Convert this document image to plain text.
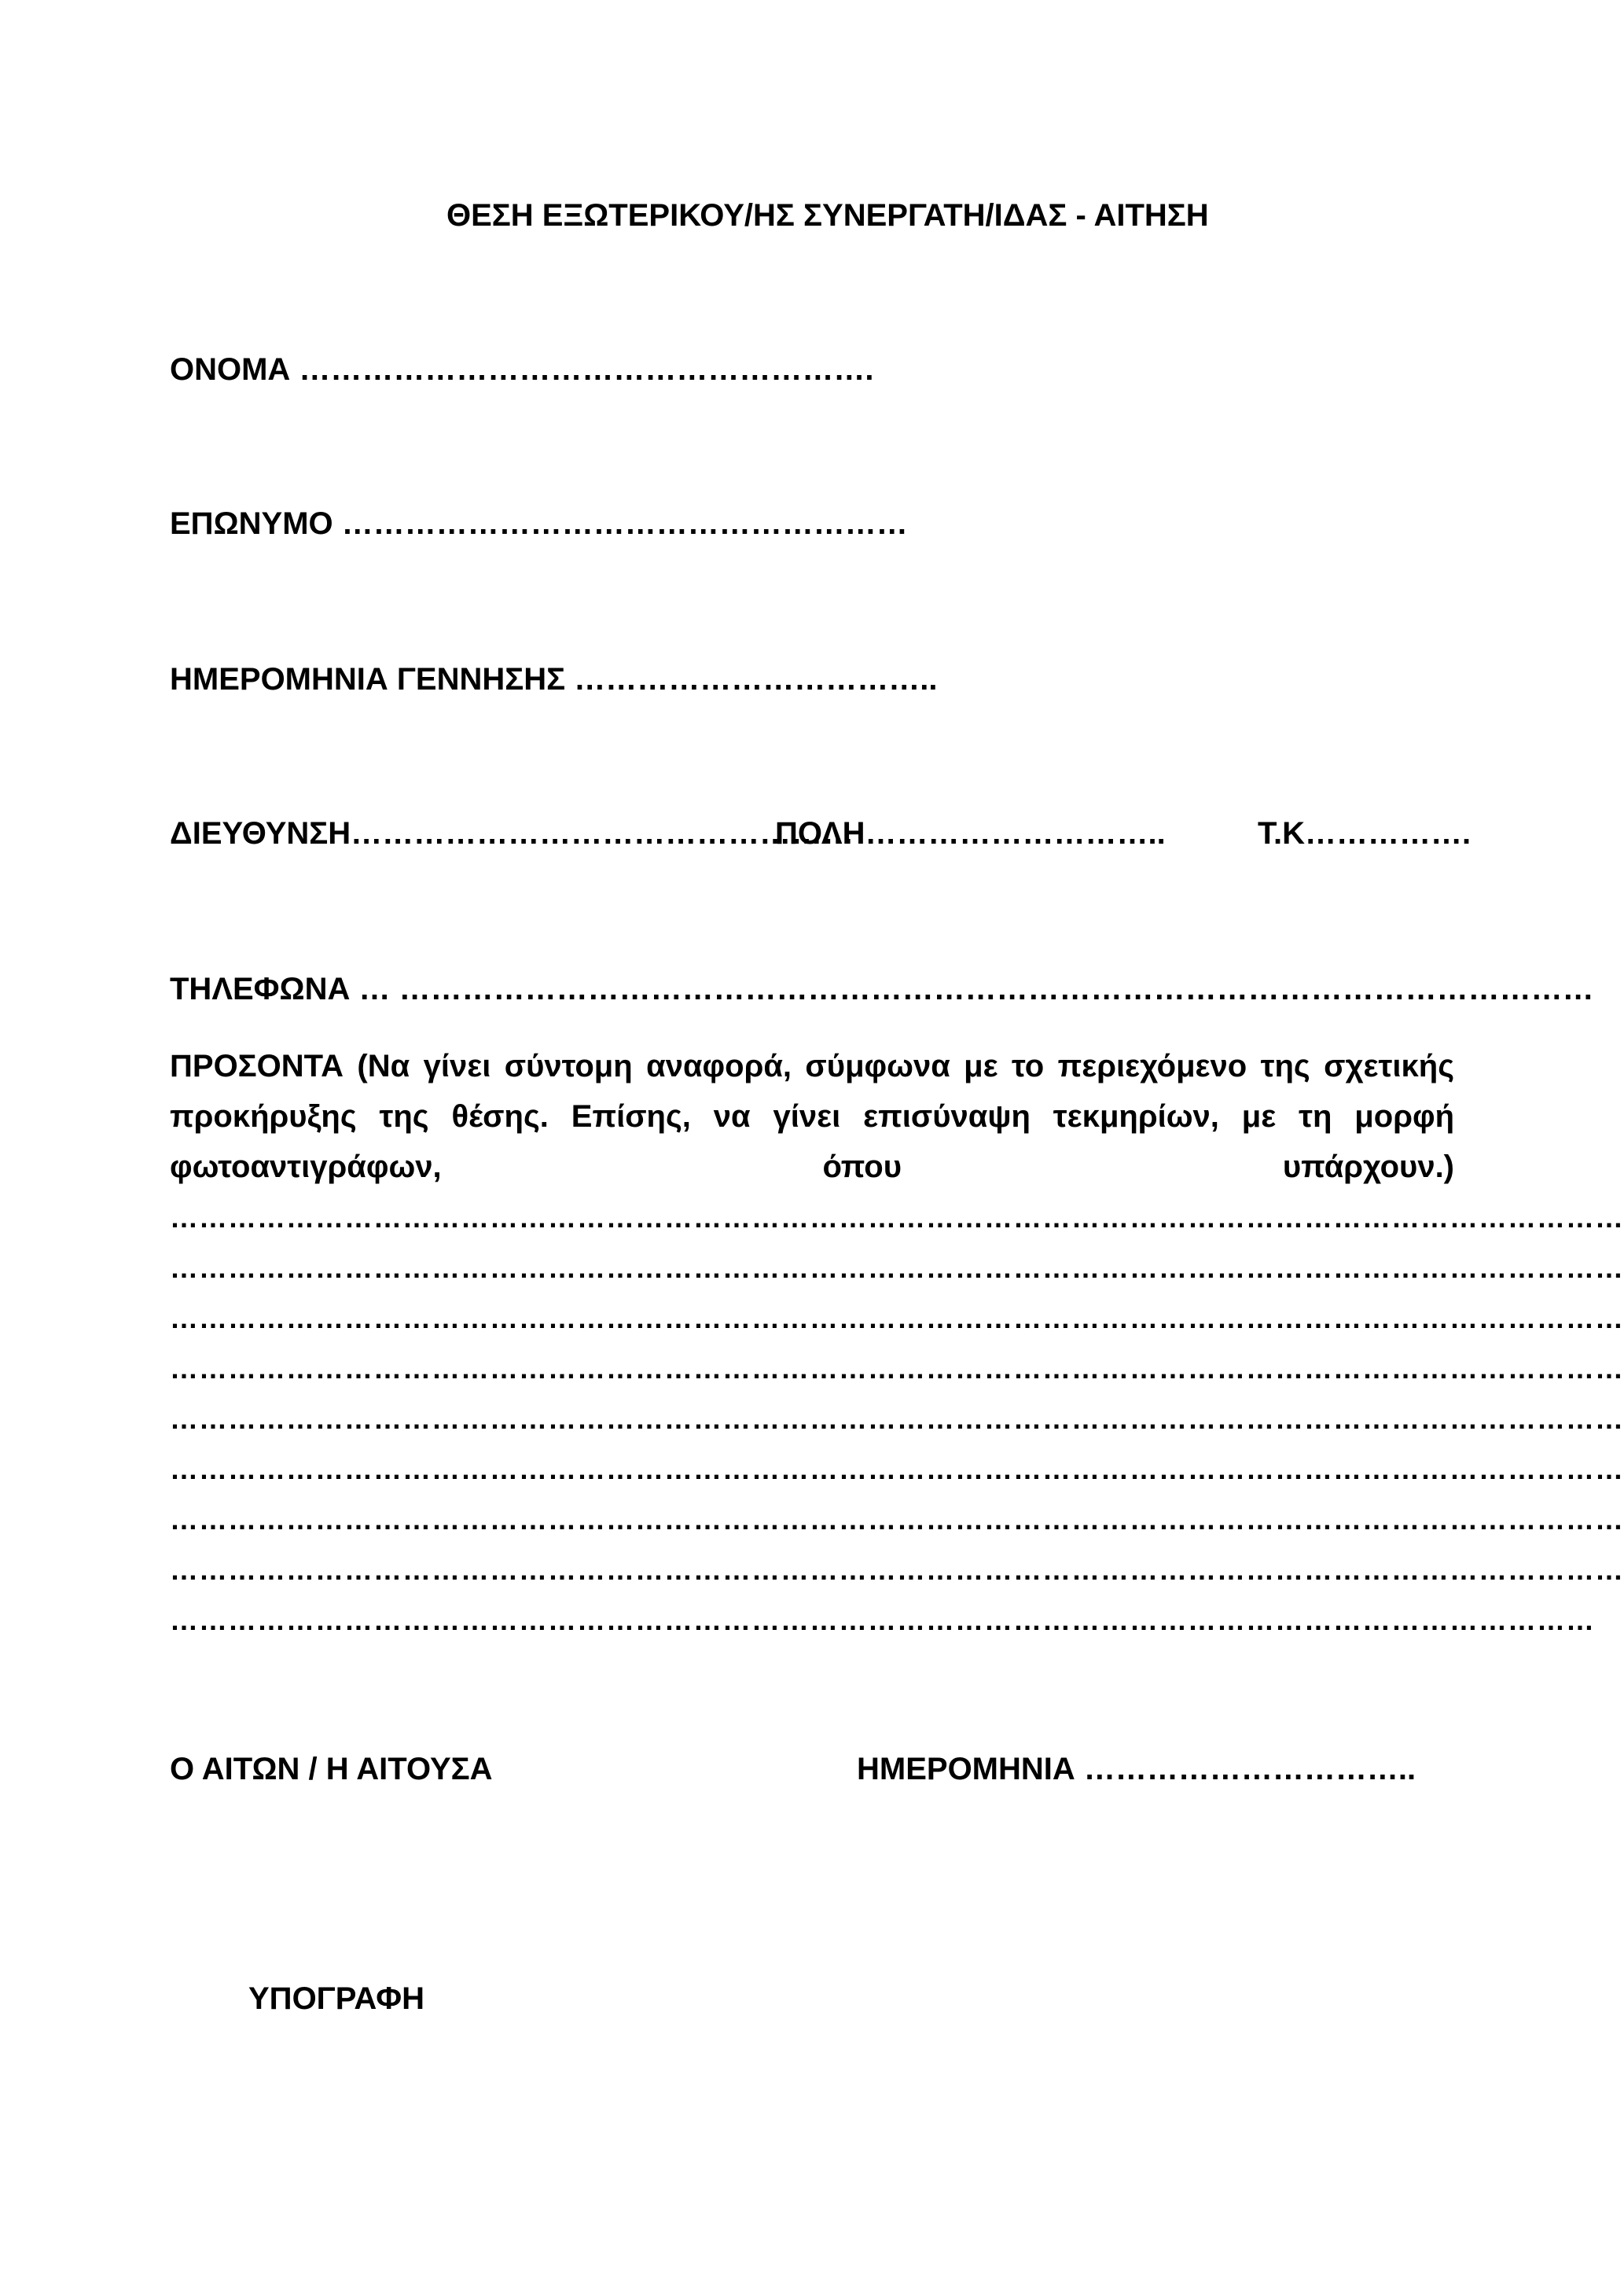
ΘΕΣΗ ΕΞΩΤΕΡΙΚΟΥ/ΗΣ ΣΥΝΕΡΓΑΤΗ/ΙΔΑΣ - ΑΙΤΗΣΗ
ΟΝΟΜΑ ……………………………………………….
ΕΠΩΝΥΜΟ ………………………………………………
ΗΜΕΡΟΜΗΝΙΑ ΓΕΝΝΗΣΗΣ ……………………………..
ΔΙΕΥΘΥΝΣΗ…………………………………………
ΠΟΛΗ………………………..	Τ.Κ…………….
ΤΗΛΕΦΩΝΑ … ……………………………………………………………………………………………………
ΠΡΟΣΟΝΤΑ (Να γίνει σύντομη αναφορά, σύμφωνα με το περιεχόμενο της σχετικής προκήρυξης της θέσης. Επίσης, να γίνει επισύναψη τεκμηρίων, με τη μορφή φωτοαντιγράφων, όπου υπάρχουν.)
……………………………………………………………………………………………………………………………………
……………………………………………………………………………………………………………………………………
……………………………………………………………………………………………………………………………………
……………………………………………………………………………………………………………………………………
……………………………………………………………………………………………………………………………………
……………………………………………………………………………………………………………………………………
……………………………………………………………………………………………………………………………………
……………………………………………………………………………………………………………………………………
…………………………………………………………………………………………………………………………………
Ο ΑΙΤΩΝ / Η ΑΙΤΟΥΣΑ	ΗΜΕΡΟΜΗΝΙΑ …………………………..
ΥΠΟΓΡΑΦΗ
